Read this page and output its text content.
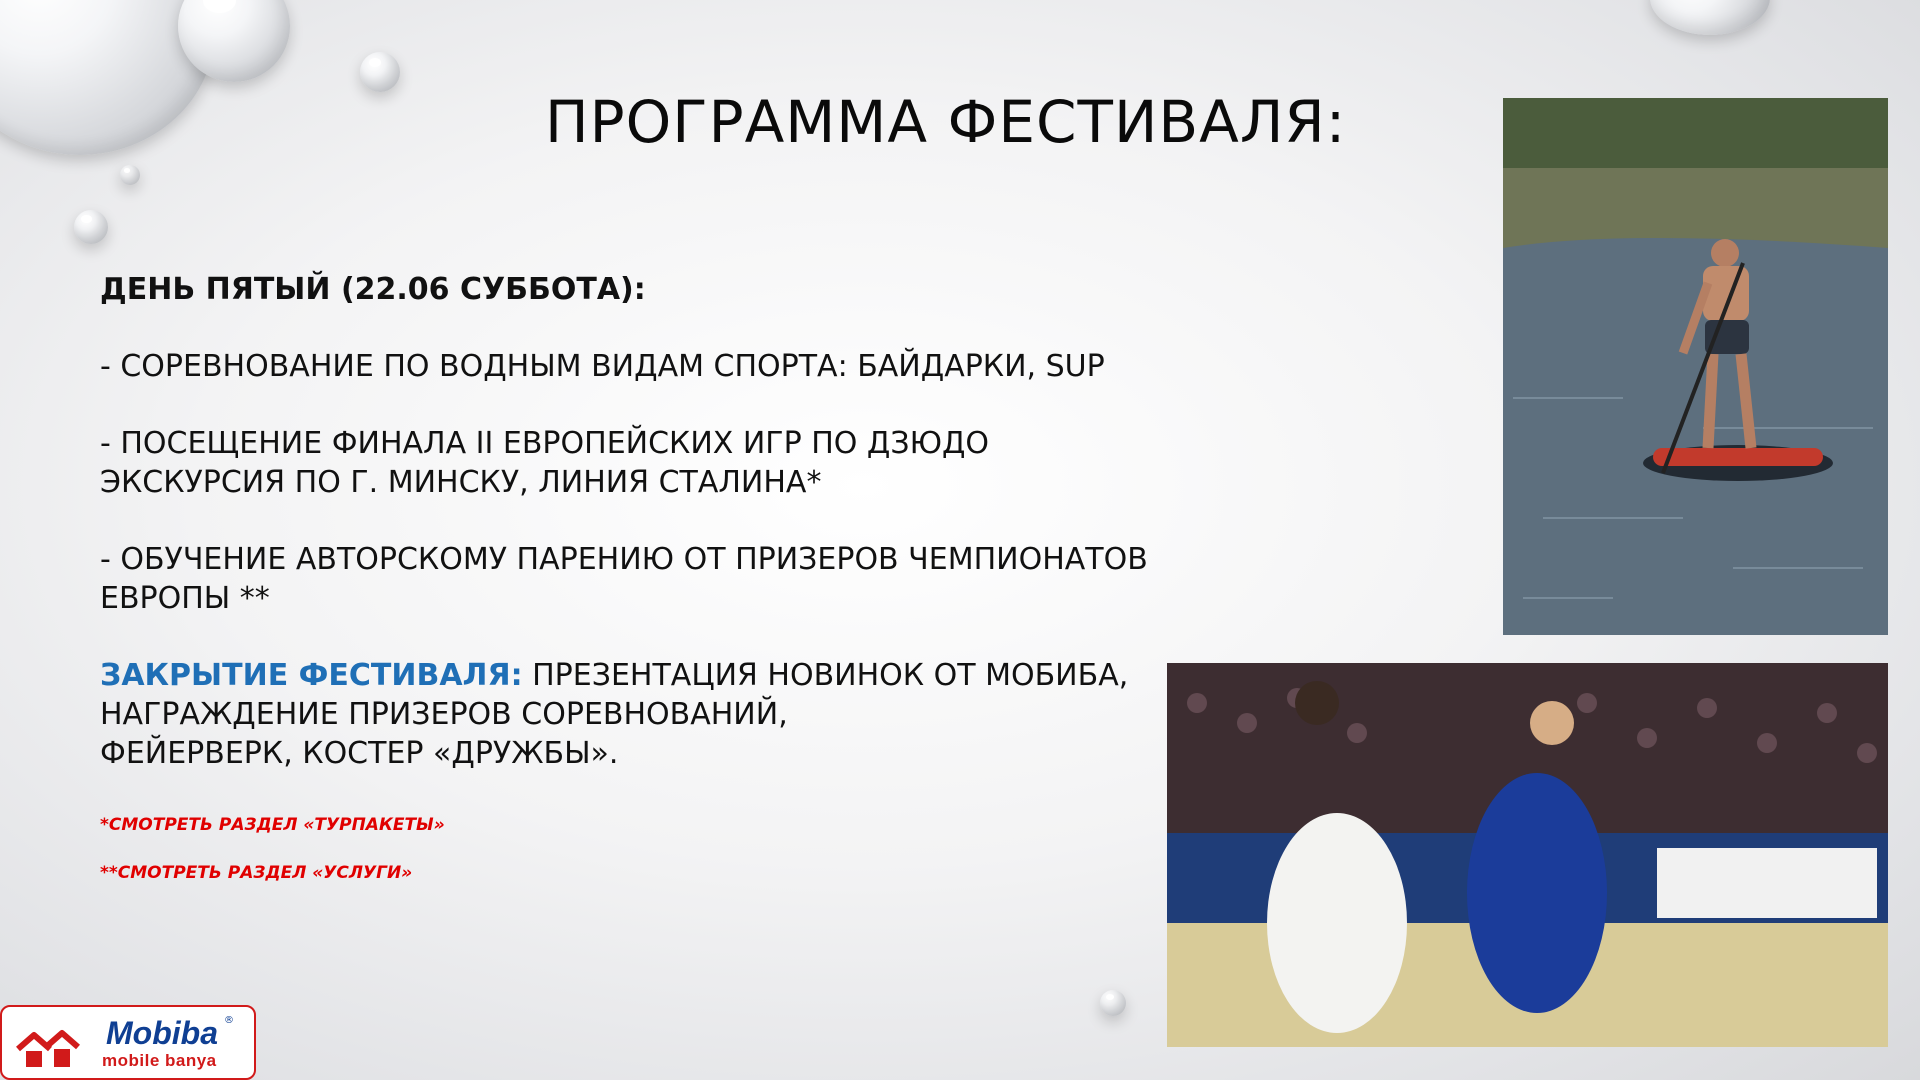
ПРОГРАММА ФЕСТИВАЛЯ:

ДЕНЬ ПЯТЫЙ (22.06 СУББОТА):

- СОРЕВНОВАНИЕ ПО ВОДНЫМ ВИДАМ СПОРТА: БАЙДАРКИ, SUP

- ПОСЕЩЕНИЕ ФИНАЛА II ЕВРОПЕЙСКИХ ИГР ПО ДЗЮДО
ЭКСКУРСИЯ ПО Г. МИНСКУ, ЛИНИЯ СТАЛИНА*

- ОБУЧЕНИЕ АВТОРСКОМУ ПАРЕНИЮ ОТ ПРИЗЕРОВ ЧЕМПИОНАТОВ
ЕВРОПЫ **

ЗАКРЫТИЕ ФЕСТИВАЛЯ: ПРЕЗЕНТАЦИЯ НОВИНОК ОТ МОБИБА,
НАГРАЖДЕНИЕ ПРИЗЕРОВ СОРЕВНОВАНИЙ,
ФЕЙЕРВЕРК, КОСТЕР «ДРУЖБЫ».

*СМОТРЕТЬ РАЗДЕЛ «ТУРПАКЕТЫ»

**СМОТРЕТЬ РАЗДЕЛ «УСЛУГИ»

Mobiba ®
mobile banya
